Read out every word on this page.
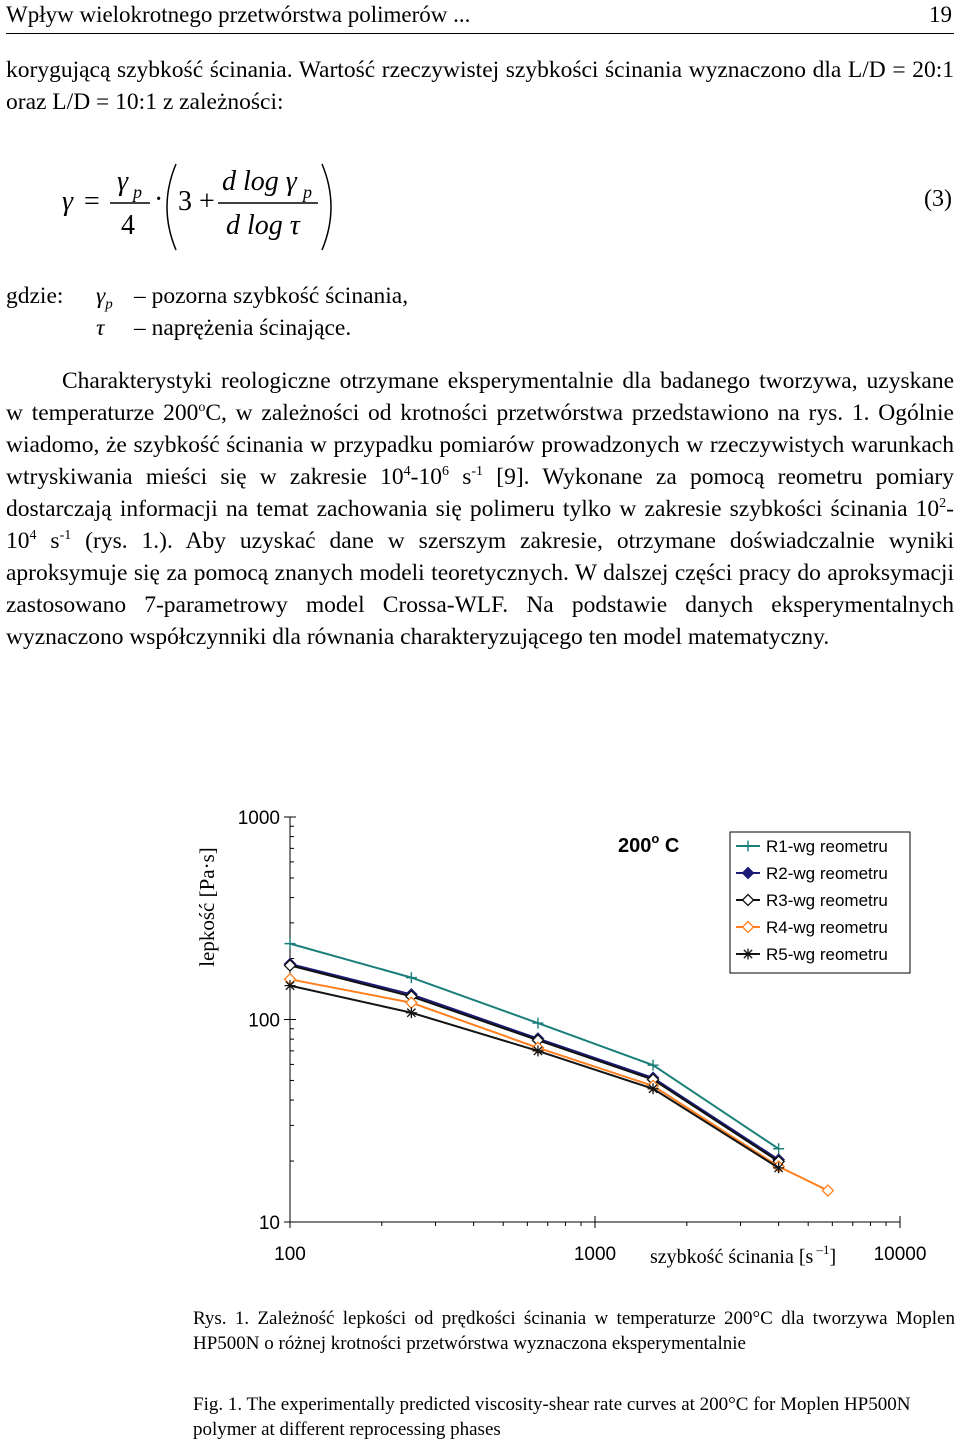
Wpływ wielokrotnego przetwórstwa polimerów ...	19
korygującą szybkość ścinania. Wartość rzeczywistej szybkości ścinania wyznaczono dla L/D = 20:1 oraz L/D = 10:1 z zależności:
γ =
γ p
4
· 3 +
d log γ p
d log τ
(3)
gdzie: $\gamma_p$ – pozorna szybkość ścinania,
τ – naprężenia ścinające.
Charakterystyki reologiczne otrzymane eksperymentalnie dla badanego tworzywa, uzyskane w temperaturze 200$^o$C, w zależności od krotności przetwórstwa przedstawiono na rys. 1. Ogólnie wiadomo, że szybkość ścinania w przypadku pomiarów prowadzonych w rzeczywistych warunkach wtryskiwania mieści się w zakresie $10^4-10^6$ $s^{-1}$ [9]. Wykonane za pomocą reometru pomiary dostarczają informacji na temat zachowania się polimeru tylko w zakresie szybkości ścinania $10^2-10^4$ $s^{-1}$ (rys. 1.). Aby uzyskać dane w szerszym zakresie, otrzymane doświadczalnie wyniki aproksymuje się za pomocą znanych modeli teoretycznych. W dalszej części pracy do aproksymacji zastosowano 7-parametrowy model Crossa-WLF. Na podstawie danych eksperymentalnych wyznaczono współczynniki dla równania charakteryzującego ten model matematyczny.
1000
100
10
100	1000	10000
lepkość [Pa·s]
szybkość ścinania [s $^{-1}$]
200$^o$ C	R1-wg reometru
R2-wg reometru
R3-wg reometru
R4-wg reometru
R5-wg reometru
Rys. 1. Zależność lepkości od prędkości ścinania w temperaturze 200°C dla tworzywa Moplen HP500N o różnej krotności przetwórstwa wyznaczona eksperymentalnie
Fig. 1. The experimentally predicted viscosity-shear rate curves at 200°C for Moplen HP500N polymer at different reprocessing phases
